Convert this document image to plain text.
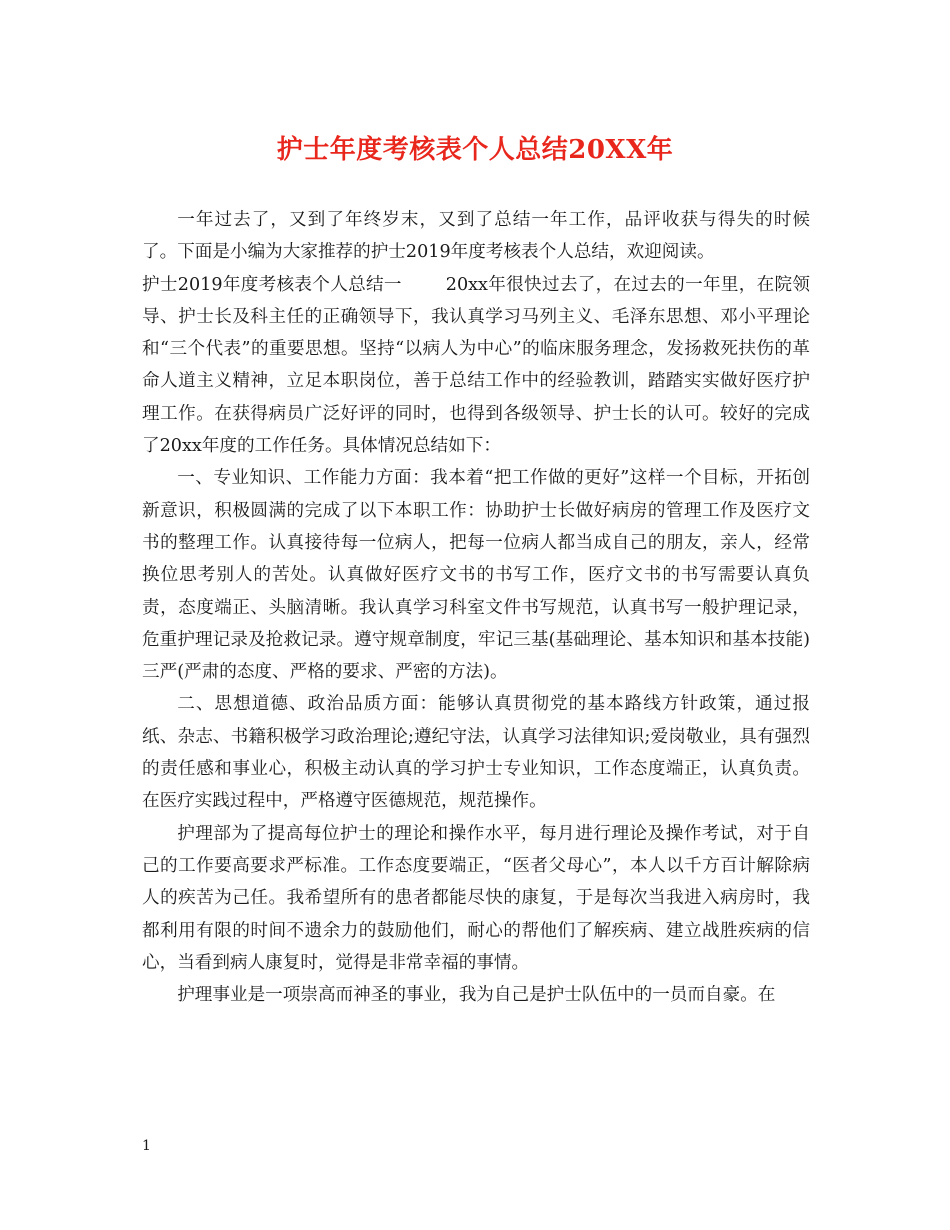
护士年度考核表个人总结20XX年

一年过去了，又到了年终岁末，又到了总结一年工作，品评收获与得失的时候了。下面是小编为大家推荐的护士2019年度考核表个人总结，欢迎阅读。

护士2019年度考核表个人总结一	20xx年很快过去了，在过去的一年里，在院领导、护士长及科主任的正确领导下，我认真学习马列主义、毛泽东思想、邓小平理论和“三个代表”的重要思想。坚持“以病人为中心”的临床服务理念，发扬救死扶伤的革命人道主义精神，立足本职岗位，善于总结工作中的经验教训，踏踏实实做好医疗护理工作。在获得病员广泛好评的同时，也得到各级领导、护士长的认可。较好的完成了20xx年度的工作任务。具体情况总结如下：

一、专业知识、工作能力方面：我本着“把工作做的更好”这样一个目标，开拓创新意识，积极圆满的完成了以下本职工作：协助护士长做好病房的管理工作及医疗文书的整理工作。认真接待每一位病人，把每一位病人都当成自己的朋友，亲人，经常换位思考别人的苦处。认真做好医疗文书的书写工作，医疗文书的书写需要认真负责，态度端正、头脑清晰。我认真学习科室文件书写规范，认真书写一般护理记录，危重护理记录及抢救记录。遵守规章制度，牢记三基(基础理论、基本知识和基本技能)三严(严肃的态度、严格的要求、严密的方法)。

二、思想道德、政治品质方面：能够认真贯彻党的基本路线方针政策，通过报纸、杂志、书籍积极学习政治理论;遵纪守法，认真学习法律知识;爱岗敬业，具有强烈的责任感和事业心，积极主动认真的学习护士专业知识，工作态度端正，认真负责。在医疗实践过程中，严格遵守医德规范，规范操作。

护理部为了提高每位护士的理论和操作水平，每月进行理论及操作考试，对于自己的工作要高要求严标准。工作态度要端正，“医者父母心”，本人以千方百计解除病人的疾苦为己任。我希望所有的患者都能尽快的康复，于是每次当我进入病房时，我都利用有限的时间不遗余力的鼓励他们，耐心的帮他们了解疾病、建立战胜疾病的信心，当看到病人康复时，觉得是非常幸福的事情。

护理事业是一项崇高而神圣的事业，我为自己是护士队伍中的一员而自豪。在

1
